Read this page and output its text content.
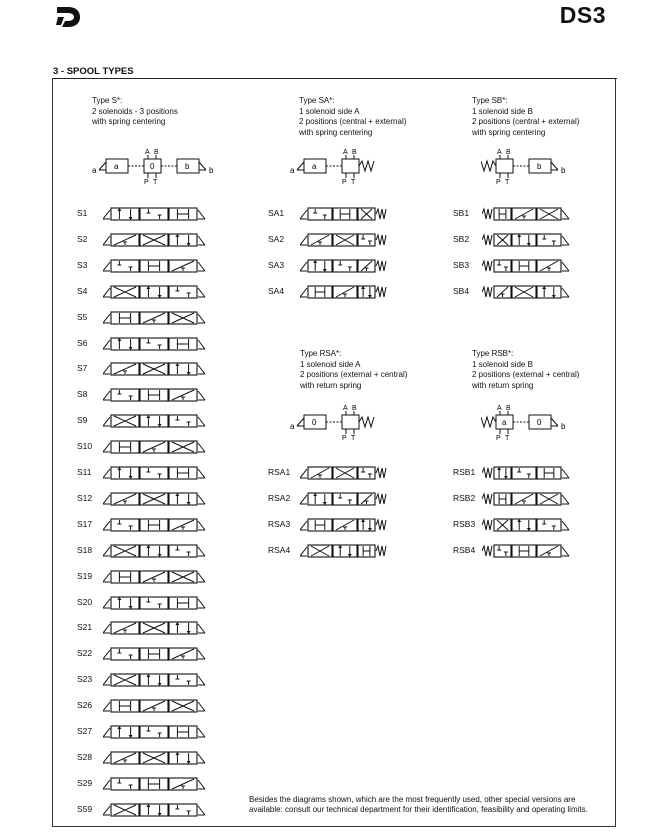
DS3
3 - SPOOL TYPES
Type S*:
2 solenoids - 3 positions
with spring centering
Type SA*:
1 solenoid side A
2 positions (central + external)
with spring centering
Type SB*:
1 solenoid side B
2 positions (central + external)
with spring centering
Type RSA*:
1 solenoid side A
2 positions (external + central)
with return spring
Type RSB*:
1 solenoid side B
2 positions (external + central)
with return spring
a a	0	b b
A B
P T
a a
A B
P T
b b
A B
P T
a 0
A B
P T
a	0 b
A B
P T
Besides the diagrams shown, which are the most frequently used, other special versions are available: consult our technical department for their identification, feasibility and operating limits.
S1
S2
S3
S4
S5
S6
S7
S8
S9
S10
S11
S12
S17
S18
S19
S20
S21
S22
S23
S26
S27
S28
S29
S59
SA1
SA2
SA3
SA4
SB1
SB2
SB3
SB4
RSA1
RSA2
RSA3
RSA4
RSB1
RSB2
RSB3
RSB4
